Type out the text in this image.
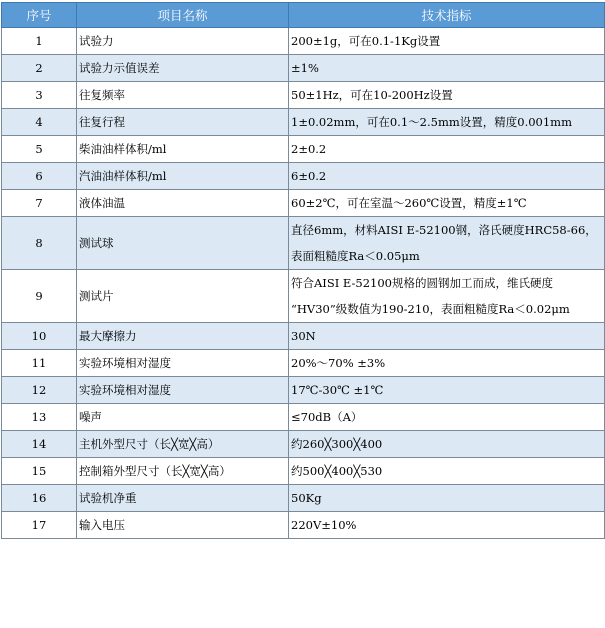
序号	项目名称	技术指标
1	试验力	200±1g，可在0.1-1Kg设置

2	试验力示值误差	±1%

3	往复频率	50±1Hz，可在10-200Hz设置

4	往复行程	1±0.02mm，可在0.1～2.5mm设置，精度0.001mm

5	柴油油样体积/ml	2±0.2

6	汽油油样体积/ml	6±0.2

7	液体油温	60±2℃，可在室温～260℃设置，精度±1℃

8	测试球	直径6mm，材料AISI E-52100钢，洛氏硬度HRC58-66，
表面粗糙度Ra＜0.05μm

9	测试片	符合AISI E-52100规格的圆钢加工而成，维氏硬度
“HV30”级数值为190-210，表面粗糙度Ra＜0.02μm

10	最大摩擦力	30N

11	实验环境相对湿度	20%～70% ±3%

12	实验环境相对湿度	17℃-30℃ ±1℃

13	噪声	≤70dB（A）

14	主机外型尺寸（长╳宽╳高）	约260╳300╳400

15	控制箱外型尺寸（长╳宽╳高）	约500╳400╳530

16	试验机净重	50Kg

17	输入电压	220V±10%
